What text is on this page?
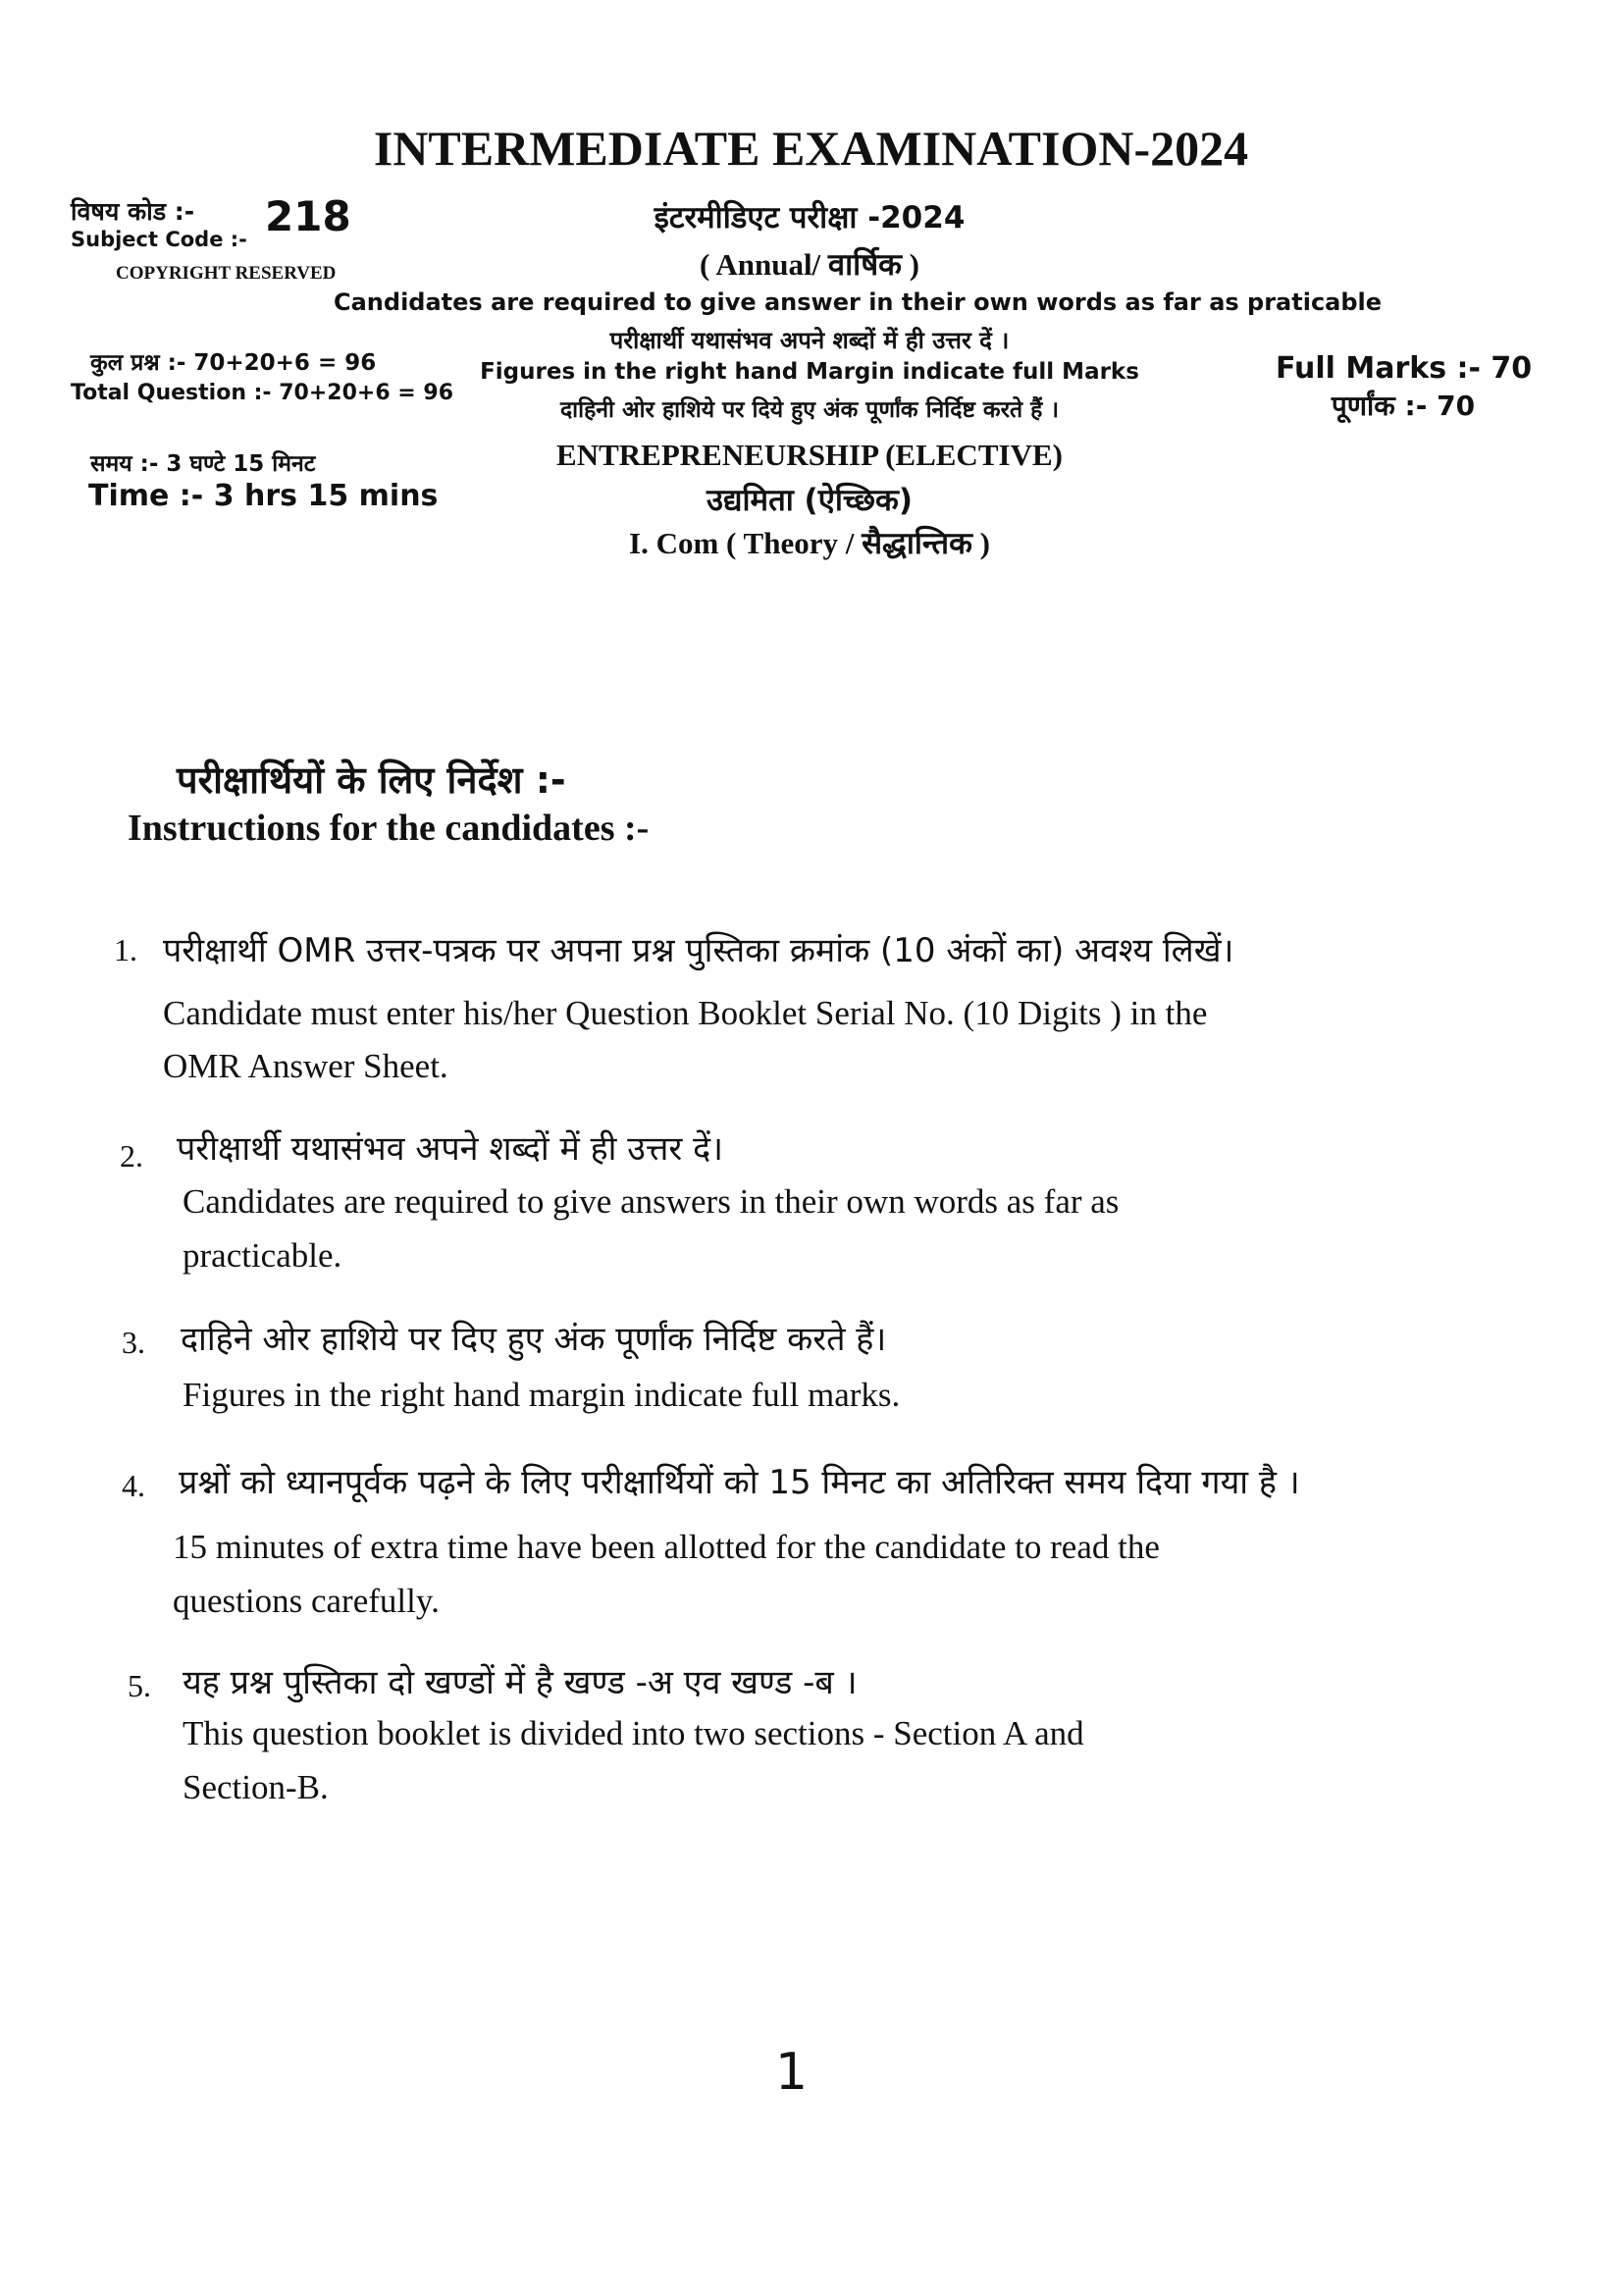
INTERMEDIATE EXAMINATION-2024
विषय कोड :-
Subject Code :- 218
COPYRIGHT RESERVED
कुल प्रश्न :- 70+20+6 = 96
Total Question :- 70+20+6 = 96
समय :- 3 घण्टे 15 मिनट
Time :- 3 hrs 15 mins
इंटरमीडिएट परीक्षा -2024
( Annual/ वार्षिक )
Candidates are required to give answer in their own words as far as praticable
परीक्षार्थी यथासंभव अपने शब्दों में ही उत्तर दें ।
Figures in the right hand Margin indicate full Marks
दाहिनी ओर हाशिये पर दिये हुए अंक पूर्णांक निर्दिष्ट करते हैं ।
ENTREPRENEURSHIP (ELECTIVE)
उद्यमिता (ऐच्छिक)
I. Com ( Theory / सैद्धान्तिक )
Full Marks :- 70
पूर्णांक :- 70
परीक्षार्थियों के लिए निर्देश :-
Instructions for the candidates :-
1. परीक्षार्थी OMR उत्तर-पत्रक पर अपना प्रश्न पुस्तिका क्रमांक (10 अंकों का) अवश्य लिखें।
Candidate must enter his/her Question Booklet Serial No. (10 Digits ) in the
OMR Answer Sheet.
2. परीक्षार्थी यथासंभव अपने शब्दों में ही उत्तर दें।
Candidates are required to give answers in their own words as far as
practicable.
3. दाहिने ओर हाशिये पर दिए हुए अंक पूर्णांक निर्दिष्ट करते हैं।
Figures in the right hand margin indicate full marks.
4. प्रश्नों को ध्यानपूर्वक पढ़ने के लिए परीक्षार्थियों को 15 मिनट का अतिरिक्त समय दिया गया है ।
15 minutes of extra time have been allotted for the candidate to read the
questions carefully.
5. यह प्रश्न पुस्तिका दो खण्डों में है खण्ड -अ एव खण्ड -ब ।
This question booklet is divided into two sections - Section A and
Section-B.
1
